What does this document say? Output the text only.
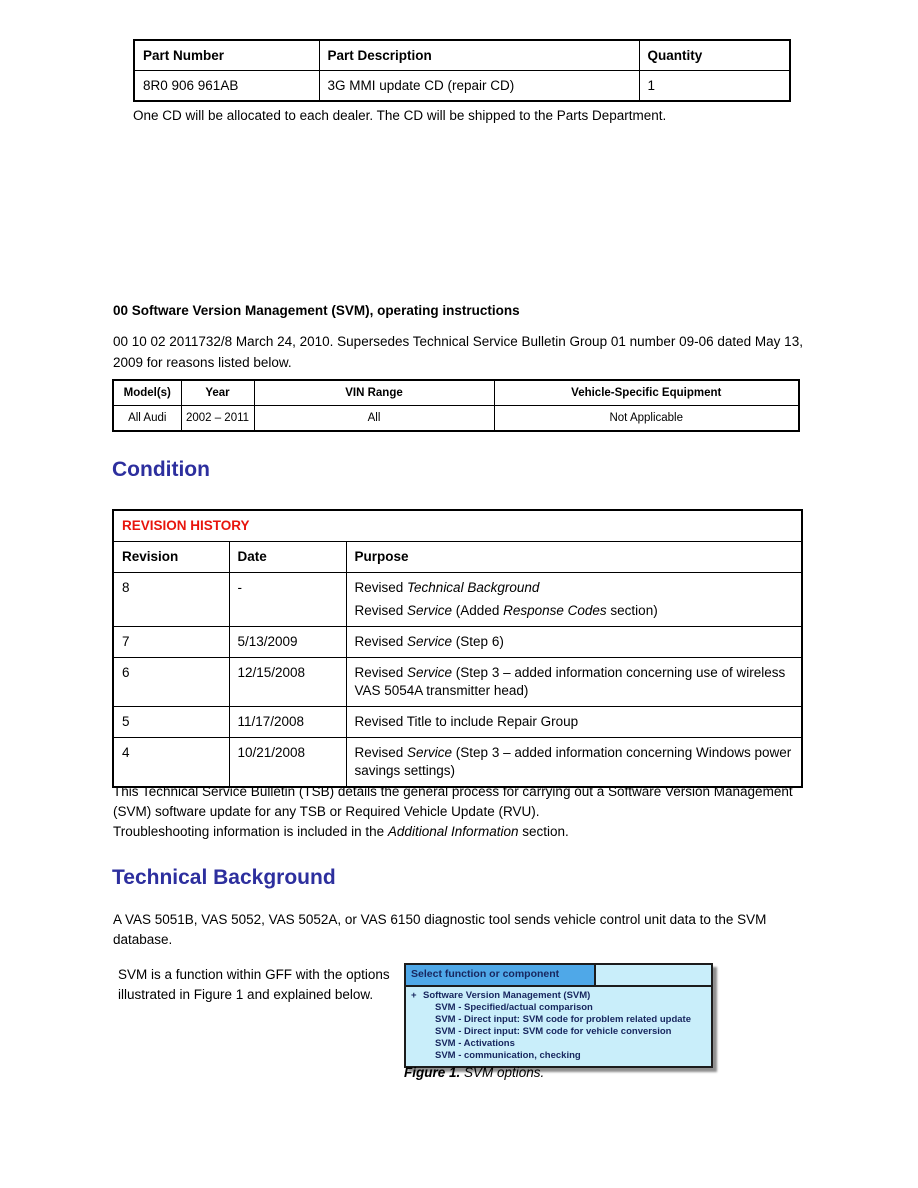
Part Number	Part Description	Quantity
8R0 906 961AB	3G MMI update CD (repair CD)	1
One CD will be allocated to each dealer. The CD will be shipped to the Parts Department.
00 Software Version Management (SVM), operating instructions
00 10 02 2011732/8 March 24, 2010. Supersedes Technical Service Bulletin Group 01 number 09-06 dated May 13, 2009 for reasons listed below.
Model(s)	Year	VIN Range	Vehicle-Specific Equipment
All Audi	2002 – 2011	All	Not Applicable
Condition
REVISION HISTORY		
Revision	Date	Purpose
8	-	Revised Technical Background
Revised Service (Added Response Codes section)

7	5/13/2009	Revised Service (Step 6)

6	12/15/2008	Revised Service (Step 3 – added information concerning use of wireless VAS 5054A transmitter head)

5	11/17/2008	Revised Title to include Repair Group

4	10/21/2008	Revised Service (Step 3 – added information concerning Windows power savings settings)
This Technical Service Bulletin (TSB) details the general process for carrying out a Software Version Management (SVM) software update for any TSB or Required Vehicle Update (RVU).
Troubleshooting information is included in the Additional Information section.
Technical Background
A VAS 5051B, VAS 5052, VAS 5052A, or VAS 6150 diagnostic tool sends vehicle control unit data to the SVM database.
SVM is a function within GFF with the options illustrated in Figure 1 and explained below.
Select function or component
+ Software Version Management (SVM)
SVM - Specified/actual comparison
SVM - Direct input: SVM code for problem related update
SVM - Direct input: SVM code for vehicle conversion
SVM - Activations
SVM - communication, checking
Figure 1. SVM options.
